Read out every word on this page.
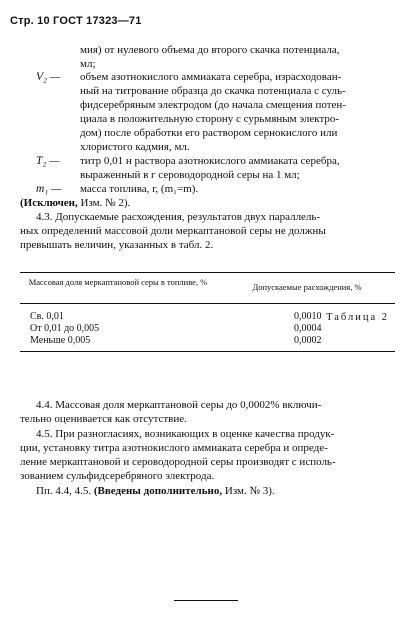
Стр. 10 ГОСТ 17323—71
мия) от нулевого объема до второго скачка потенциала,
мл;
V₂ — объем азотнокислого аммиаката серебра, израсходован-
ный на титрование образца до скачка потенциала с суль-
фидсеребряным электродом (до начала смещения потен-
циала в положительную сторону с сурьмяным электро-
дом) после обработки его раствором сернокислого или
хлористого кадмия, мл.
T₂ — титр 0,01 н раствора азотнокислого аммиаката серебра,
выраженный в г сероводородной серы на 1 мл;
m₁ — масса топлива, г, (m₁=m).
(Исключен, Изм. № 2).
4.3. Допускаемые расхождения, результатов двух параллель-
ных определений массовой доли меркаптановой серы не должны
превышать величин, указанных в табл. 2.
Таблица 2
Массовая доля меркаптановой серы в топливе, %	Допускаемые расхождения, %
Св. 0,01	0,0010
От 0,01 до 0,005	0,0004
Меньше 0,005	0,0002
4.4. Массовая доля меркаптановой серы до 0,0002% включи-
тельно оценивается как отсутствие.
4.5. При разногласиях, возникающих в оценке качества продук-
ции, установку титра азотнокислого аммиаката серебра и опреде-
ление меркаптановой и сероводородной серы производят с исполь-
зованием сульфидсеребряного электрода.
Пп. 4.4, 4.5. (Введены дополнительно, Изм. № 3).
